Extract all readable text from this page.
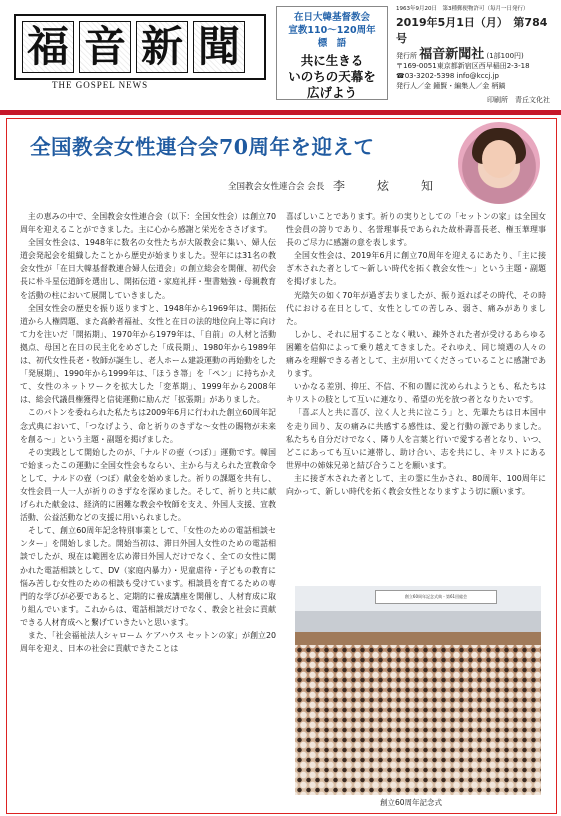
福 音 新 聞
THE GOSPEL NEWS
在日大韓基督教会
宣教110〜120周年
標　語
共に生きる
いのちの天幕を
広げよう
1963年9月20日　第3種郵便物許可（毎月一日発行）
2019年5月1日（月）　第784号
発行所 福音新聞社 (1部100円)
〒169-0051東京都新宿区西早稲田2-3-18
☎03-3202-5398 info@kccj.jp
発行人／金 鐘賢・編集人／金 柄鎬
印刷所　青丘文化社
全国教会女性連合会70周年を迎えて
全国教会女性連合会 会長 李　炫　知

主の恵みの中で、全国教会女性連合会（以下：全国女性会）は創立70周年を迎えることができました。主に心から感謝と栄光をささげます。

全国女性会は、1948年に数名の女性たちが大阪教会に集い、婦人伝道会発起会を組織したことから歴史が始まりました。翌年には31名の教会女性が「在日大韓基督教連合婦人伝道会」の創立総会を開催、初代会長に朴斗星伝道師を選出し、開拓伝道・家庭礼拝・聖書勉強・母親教育を活動の柱において展開していきました。

全国女性会の歴史を振り返りますと、1948年から1969年は、開拓伝道から人権問題、また高齢者福祉、女性と在日の法的地位向上等に向けて力を注いだ「開拓期」、1970年から1979年は、「自前」の人材と活動拠点、母国と在日の民主化をめざした「成長期」、1980年から1989年は、初代女性長老・牧師が誕生し、老人ホーム建設運動の再始動をした「発展期」、1990年から1999年は、「ほうき箒」を「ペン」に持ちかえて、女性のネットワークを拡大した「変革期」、1999年から2008年は、総会代議員権獲得と信徒運動に励んだ「拡張期」がありました。

このバトンを委ねられた私たちは2009年6月に行われた創立60周年記念式典において、「つなげよう、命と祈りのきずな〜女性の賜物が未来を創る〜」という主題・副題を掲げました。

その実践として開始したのが、「ナルドの壺（つぼ）」運動です。韓国で始まったこの運動に全国女性会もならい、主から与えられた宣教命令として、ナルドの壺（つぼ）献金を始めました。祈りの課題を共有し、女性会員一人一人が祈りのきずなを深めました。そして、祈りと共に献げられた献金は、経済的に困難な教会や牧師を支え、外国人支援、宣教活動、公益活動などの支援に用いられました。

そして、創立60周年記念特別事業として、「女性のための電話相談センター」を開始しました。開始当初は、滞日外国人女性のための電話相談でしたが、現在は範囲を広め滞日外国人だけでなく、全ての女性に開かれた電話相談として、DV（家庭内暴力）・児童虐待・子どもの教育に悩み苦しむ女性のための相談も受けています。相談員を育てるための専門的な学びが必要であると、定期的に養成講座を開催し、人材育成に取り組んでいます。これからは、電話相談だけでなく、教会と社会に貢献できる人材育成へと繋げていきたいと思います。

また、「社会福祉法人シャローム ケアハウス セットンの家」が創立20周年を迎え、日本の社会に貢献できたことは

喜ばしいことであります。祈りの実りとしての「セットンの家」は全国女性会員の誇りであり、名誉理事長であられた故朴壽喜長老、権玉華理事長のご尽力に感謝の意を表します。

全国女性会は、2019年6月に創立70周年を迎えるにあたり、「主に接ぎ木された者として〜新しい時代を拓く教会女性〜」という主題・副題を掲げました。

光陰矢の如く70年が過ぎ去りましたが、振り返ればその時代、その時代における在日として、女性としての苦しみ、弱さ、痛みがありました。

しかし、それに屈することなく戦い、疎外された者が受けるあらゆる困難を信仰によって乗り越えてきました。それゆえ、同じ境遇の人々の痛みを理解できる者として、主が用いてくださっていることに感謝であります。

いかなる差別、抑圧、不信、不和の闇に沈められようとも、私たちはキリストの肢として互いに連なり、希望の光を放つ者となりたいです。

「喜ぶ人と共に喜び、泣く人と共に泣こう」と、先輩たちは日本国中を走り回り、友の痛みに共感する感性は、愛と行動の源でありました。私たちも自分だけでなく、隣り人を言葉と行いで愛する者となり、いつ、どこにあっても互いに連帯し、助け合い、志を共にし、キリストにある世界中の姉妹兄弟と結び合うことを願います。

主に接ぎ木された者として、主の霊に生かされ、80周年、100周年に向かって、新しい時代を拓く教会女性となりますよう切に願います。

創立60周年記念式典・第61回総会
創立60周年記念式
